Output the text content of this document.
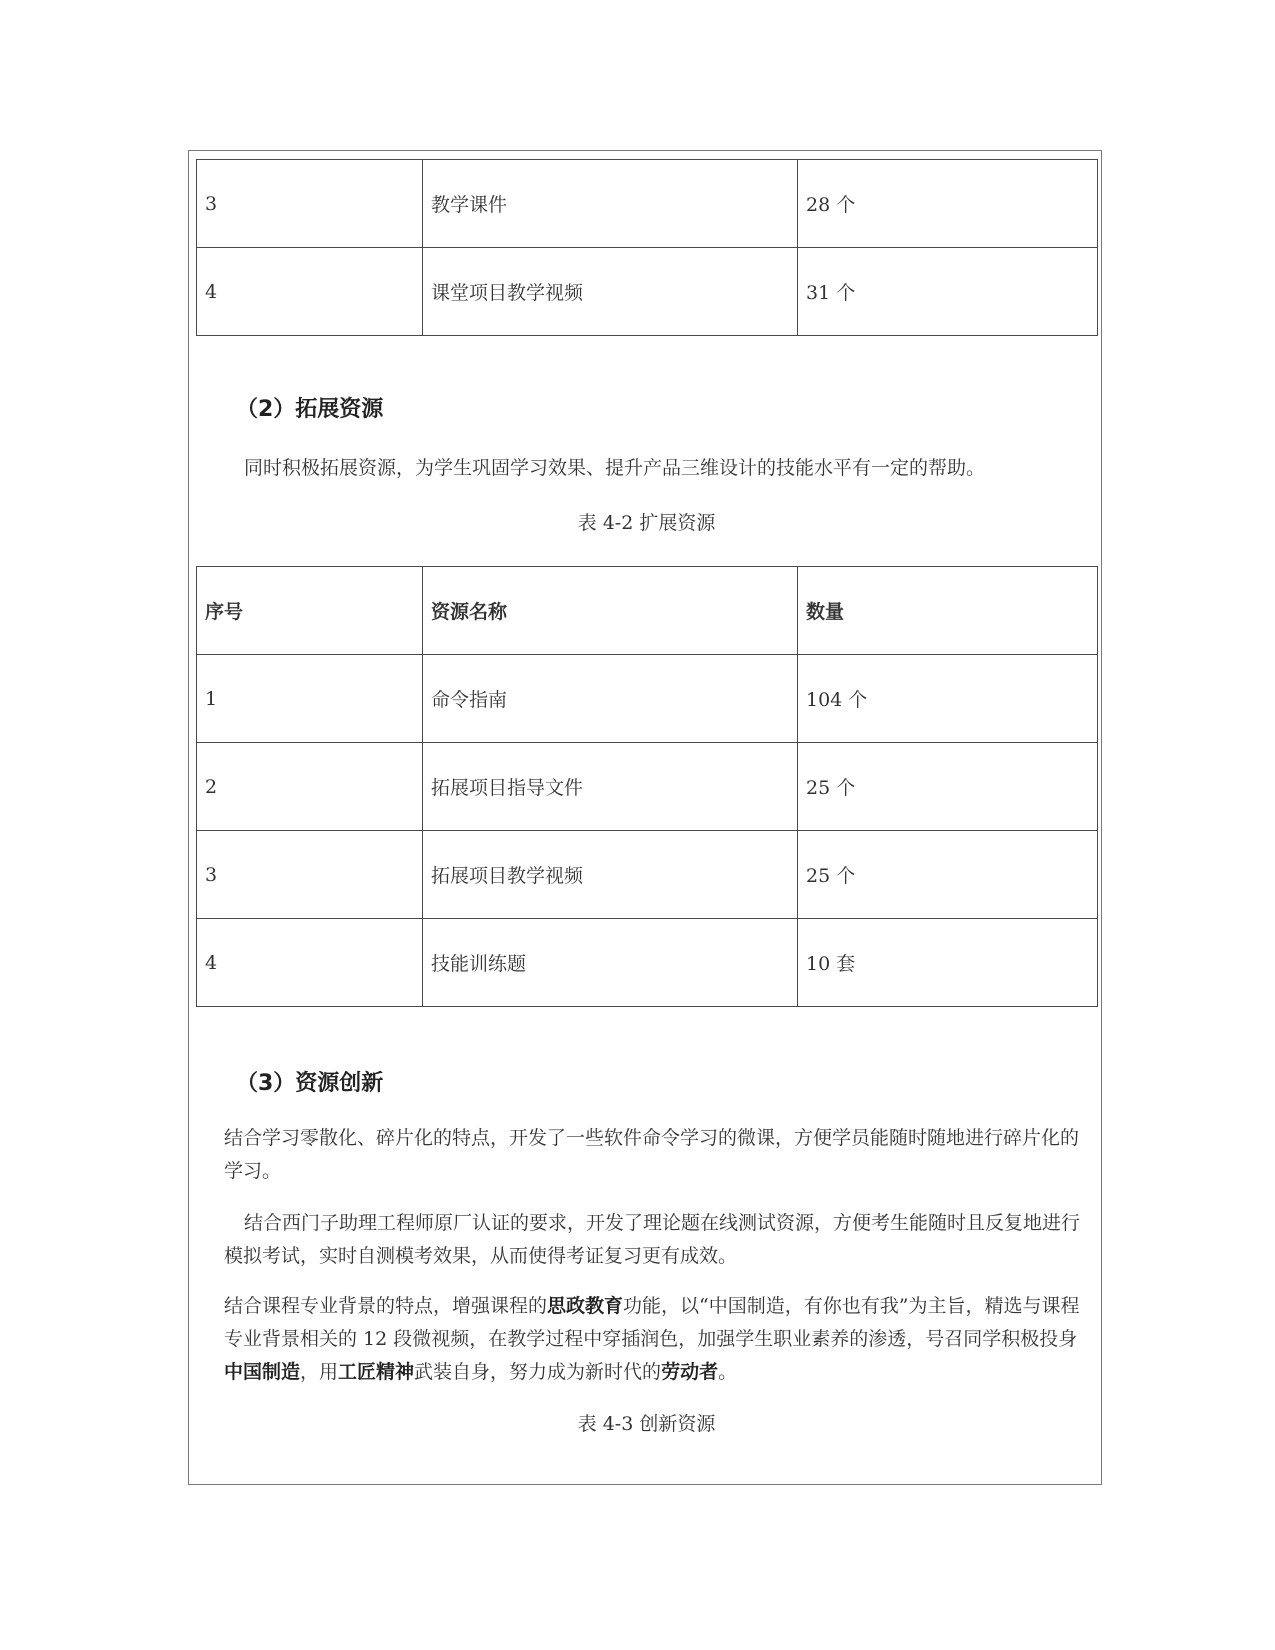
3	教学课件	28 个
4	课堂项目教学视频	31 个
（2）拓展资源
同时积极拓展资源，为学生巩固学习效果、提升产品三维设计的技能水平有一定的帮助。
表 4-2 扩展资源
序号	资源名称	数量
1	命令指南	104 个
2	拓展项目指导文件	25 个
3	拓展项目教学视频	25 个
4	技能训练题	10 套
（3）资源创新
结合学习零散化、碎片化的特点，开发了一些软件命令学习的微课，方便学员能随时随地进行碎片化的学习。
结合西门子助理工程师原厂认证的要求，开发了理论题在线测试资源，方便考生能随时且反复地进行模拟考试，实时自测模考效果，从而使得考证复习更有成效。
结合课程专业背景的特点，增强课程的思政教育功能，以“中国制造，有你也有我”为主旨，精选与课程专业背景相关的 12 段微视频，在教学过程中穿插润色，加强学生职业素养的渗透，号召同学积极投身中国制造，用工匠精神武装自身，努力成为新时代的劳动者。
表 4-3 创新资源
